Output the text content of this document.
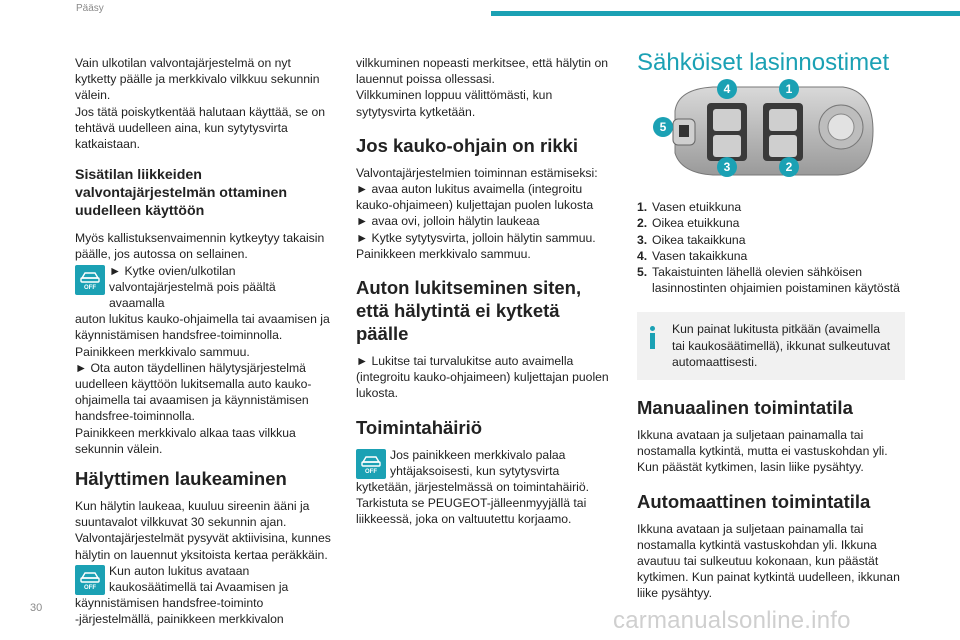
Pääsy

Vain ulkotilan valvontajärjestelmä on nyt kytketty päälle ja merkkivalo vilkkuu sekunnin välein.
Jos tätä poiskytkentää halutaan käyttää, se on tehtävä uudelleen aina, kun sytytysvirta katkaistaan.

Sisätilan liikkeiden valvontajärjestelmän ottaminen uudelleen käyttöön

Myös kallistuksenvaimennin kytkeytyy takaisin päälle, jos autossa on sellainen.

OFF

► Kytke ovien/ulkotilan valvontajärjestelmä pois päältä avaamalla

auton lukitus kauko-ohjaimella tai avaamisen ja käynnistämisen handsfree-toiminnolla.
Painikkeen merkkivalo sammuu.
► Ota auton täydellinen hälytysjärjestelmä uudelleen käyttöön lukitsemalla auto kauko-ohjaimella tai avaamisen ja käynnistämisen handsfree-toiminnolla.
Painikkeen merkkivalo alkaa taas vilkkua sekunnin välein.

Hälyttimen laukeaminen

Kun hälytin laukeaa, kuuluu sireenin ääni ja suuntavalot vilkkuvat 30 sekunnin ajan.
Valvontajärjestelmät pysyvät aktiivisina, kunnes hälytin on lauennut yksitoista kertaa peräkkäin.

OFF

Kun auton lukitus avataan kaukosäätimellä tai Avaamisen ja

käynnistämisen handsfree-toiminto
-järjestelmällä, painikkeen merkkivalon

vilkkuminen nopeasti merkitsee, että hälytin on lauennut poissa ollessasi.
Vilkkuminen loppuu välittömästi, kun sytytysvirta kytketään.

Jos kauko-ohjain on rikki

Valvontajärjestelmien toiminnan estämiseksi:
► avaa auton lukitus avaimella (integroitu kauko-ohjaimeen) kuljettajan puolen lukosta
► avaa ovi, jolloin hälytin laukeaa
► Kytke sytytysvirta, jolloin hälytin sammuu.
Painikkeen merkkivalo sammuu.

Auton lukitseminen siten, että hälytintä ei kytketä päälle

► Lukitse tai turvalukitse auto avaimella (integroitu kauko-ohjaimeen) kuljettajan puolen lukosta.

Toimintahäiriö
OFF

Jos painikkeen merkkivalo palaa yhtäjaksoisesti, kun sytytysvirta

kytketään, järjestelmässä on toimintahäiriö.
Tarkistuta se PEUGEOT-jälleenmyyjällä tai liikkeessä, joka on valtuutettu korjaamo.

Sähköiset lasinnostimet
4	1
5
3	2
1. Vasen etuikkuna
2. Oikea etuikkuna
3. Oikea takaikkuna
4. Vasen takaikkuna
5. Takaistuinten lähellä olevien sähköisen lasinnostinten ohjaimien poistaminen käytöstä

Kun painat lukitusta pitkään (avaimella tai kaukosäätimellä), ikkunat sulkeutuvat automaattisesti.

Manuaalinen toimintatila

Ikkuna avataan ja suljetaan painamalla tai nostamalla kytkintä, mutta ei vastuskohdan yli. Kun päästät kytkimen, lasin liike pysähtyy.

Automaattinen toimintatila

Ikkuna avataan ja suljetaan painamalla tai nostamalla kytkintä vastuskohdan yli. Ikkuna avautuu tai sulkeutuu kokonaan, kun päästät kytkimen. Kun painat kytkintä uudelleen, ikkunan liike pysähtyy.

30	carmanualsonline.info
